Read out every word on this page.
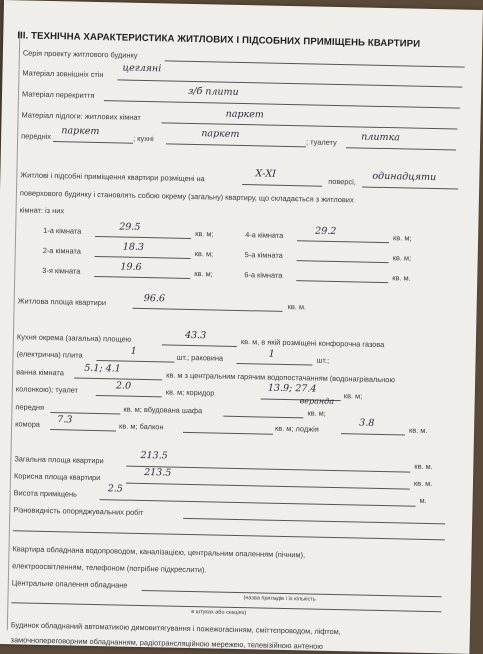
III. ТЕХНІЧНА ХАРАКТЕРИСТИКА ЖИТЛОВИХ І ПІДСОБНИХ ПРИМІЩЕНЬ КВАРТИРИ
Серія проекту житлового будинку
Матеріал зовнішніх стін цегляні
Матеріал перекриття	з/б плити
Матеріал підлоги: житлових кімнат	паркет
передніх паркет
; кухні	паркет
; туалету	плитка
Житлові і підсобні приміщення квартири розміщені на	Х-ХІ
поверсі, одинадцяти
поверхового будинку і становлять собою окрему (загальну) квартиру, що складається з житлових
кімнат: із них
1-а кімната	29.5
кв. м;
2-а кімната	18.3
кв. м;
3-я кімната	19.6
кв. м;
4-а кімната	29.2
кв. м;
5-а кімната	кв. м;
6-а кімната	кв. м.
Житлова площа квартири	96.6
кв. м.
Кухня окрема (загальна) площею	43.3
кв. м, в якій розміщені конфорочна газова
(електрична) плита	1
шт.; раковина	1
шт.;
ванна кімната 5.1; 4.1
кв. м з центральним гарячим водопостачанням (водонагрівальною
колонкою); туалет	2.0
кв. м; коридор	13.9; 27.4
кв. м;
передня	кв. м; вбудована шафа	кв. м;
веранда
комора 7.3
кв. м; балкон	кв. м; лоджія	3.8
кв. м.
Загальна площа квартири	213.5
кв. м.
Корисна площа квартири	213.5
кв. м.
Висота приміщень	2.5
м.
Різновидність опоряджувальних робіт
Квартира обладнана водопроводом, каналізацією, центральним опаленням (пічним),
електроосвітленням, телефоном (потрібне підкреслити).
Центральне опалення обладнане
(назва приладів і їх кількість
в штуках або секціях)
Будинок обладнаний автоматикою димовитягування і пожежогасінням, сміттєпроводом, ліфтом,
замочнопереговорним обладнанням, радіотрансляційною мережею, телевізійною антеною
